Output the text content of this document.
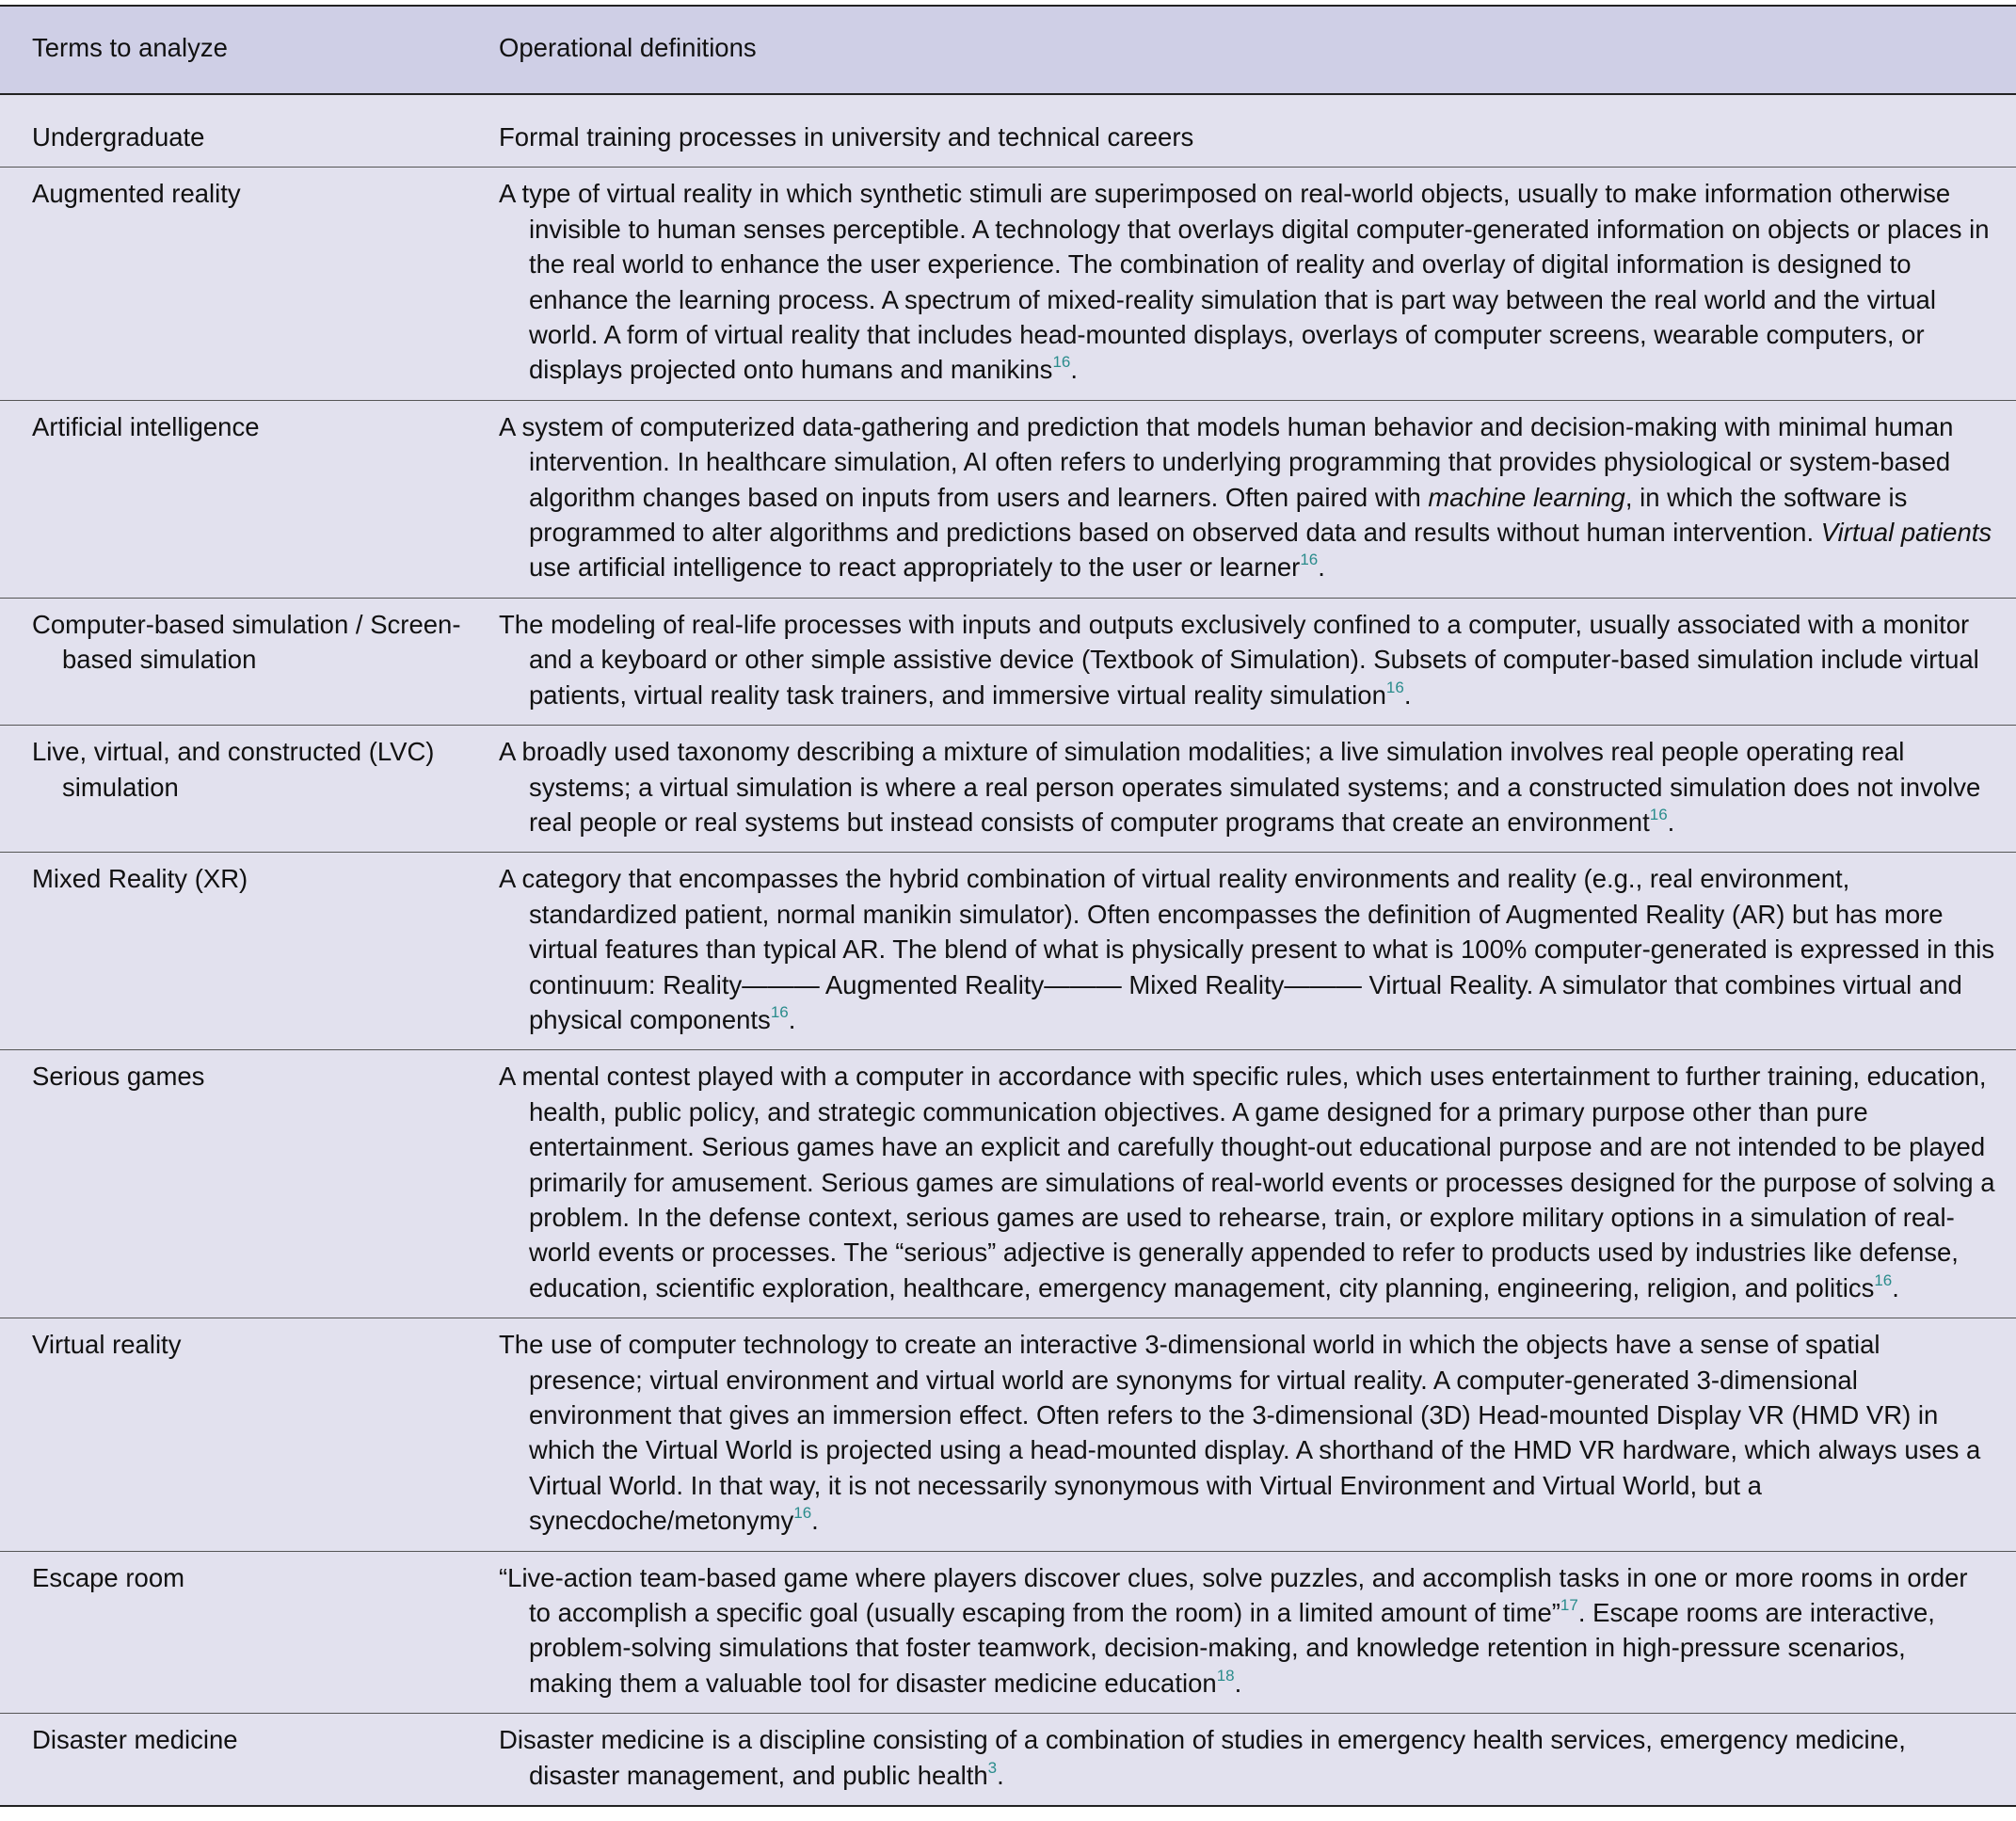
Terms to analyze	Operational definitions

Undergraduate	Formal training processes in university and technical careers

Augmented reality	A type of virtual reality in which synthetic stimuli are superimposed on real-world objects, usually to make information otherwise invisible to human senses perceptible. A technology that overlays digital computer-generated information on objects or places in the real world to enhance the user experience. The combination of reality and overlay of digital information is designed to enhance the learning process. A spectrum of mixed-reality simulation that is part way between the real world and the virtual world. A form of virtual reality that includes head-mounted displays, overlays of computer screens, wearable computers, or displays projected onto humans and manikins$^{16}$.

Artificial intelligence	A system of computerized data-gathering and prediction that models human behavior and decision-making with minimal human intervention. In healthcare simulation, AI often refers to underlying programming that provides physiological or system-based algorithm changes based on inputs from users and learners. Often paired with machine learning, in which the software is programmed to alter algorithms and predictions based on observed data and results without human intervention. Virtual patients use artificial intelligence to react appropriately to the user or learner$^{16}$.

Computer-based simulation / Screen-based simulation	The modeling of real-life processes with inputs and outputs exclusively confined to a computer, usually associated with a monitor and a keyboard or other simple assistive device (Textbook of Simulation). Subsets of computer-based simulation include virtual patients, virtual reality task trainers, and immersive virtual reality simulation$^{16}$.

Live, virtual, and constructed (LVC) simulation	A broadly used taxonomy describing a mixture of simulation modalities; a live simulation involves real people operating real systems; a virtual simulation is where a real person operates simulated systems; and a constructed simulation does not involve real people or real systems but instead consists of computer programs that create an environment$^{16}$.

Mixed Reality (XR)	A category that encompasses the hybrid combination of virtual reality environments and reality (e.g., real environment, standardized patient, normal manikin simulator). Often encompasses the definition of Augmented Reality (AR) but has more virtual features than typical AR. The blend of what is physically present to what is 100% computer-generated is expressed in this continuum: Reality——— Augmented Reality——— Mixed Reality——— Virtual Reality. A simulator that combines virtual and physical components$^{16}$.

Serious games	A mental contest played with a computer in accordance with specific rules, which uses entertainment to further training, education, health, public policy, and strategic communication objectives. A game designed for a primary purpose other than pure entertainment. Serious games have an explicit and carefully thought-out educational purpose and are not intended to be played primarily for amusement. Serious games are simulations of real-world events or processes designed for the purpose of solving a problem. In the defense context, serious games are used to rehearse, train, or explore military options in a simulation of real-world events or processes. The “serious” adjective is generally appended to refer to products used by industries like defense, education, scientific exploration, healthcare, emergency management, city planning, engineering, religion, and politics$^{16}$.

Virtual reality	The use of computer technology to create an interactive 3-dimensional world in which the objects have a sense of spatial presence; virtual environment and virtual world are synonyms for virtual reality. A computer-generated 3-dimensional environment that gives an immersion effect. Often refers to the 3-dimensional (3D) Head-mounted Display VR (HMD VR) in which the Virtual World is projected using a head-mounted display. A shorthand of the HMD VR hardware, which always uses a Virtual World. In that way, it is not necessarily synonymous with Virtual Environment and Virtual World, but a synecdoche/metonymy$^{16}$.

Escape room	“Live-action team-based game where players discover clues, solve puzzles, and accomplish tasks in one or more rooms in order to accomplish a specific goal (usually escaping from the room) in a limited amount of time”$^{17}$. Escape rooms are interactive, problem-solving simulations that foster teamwork, decision-making, and knowledge retention in high-pressure scenarios, making them a valuable tool for disaster medicine education$^{18}$.

Disaster medicine	Disaster medicine is a discipline consisting of a combination of studies in emergency health services, emergency medicine, disaster management, and public health$^3$.
